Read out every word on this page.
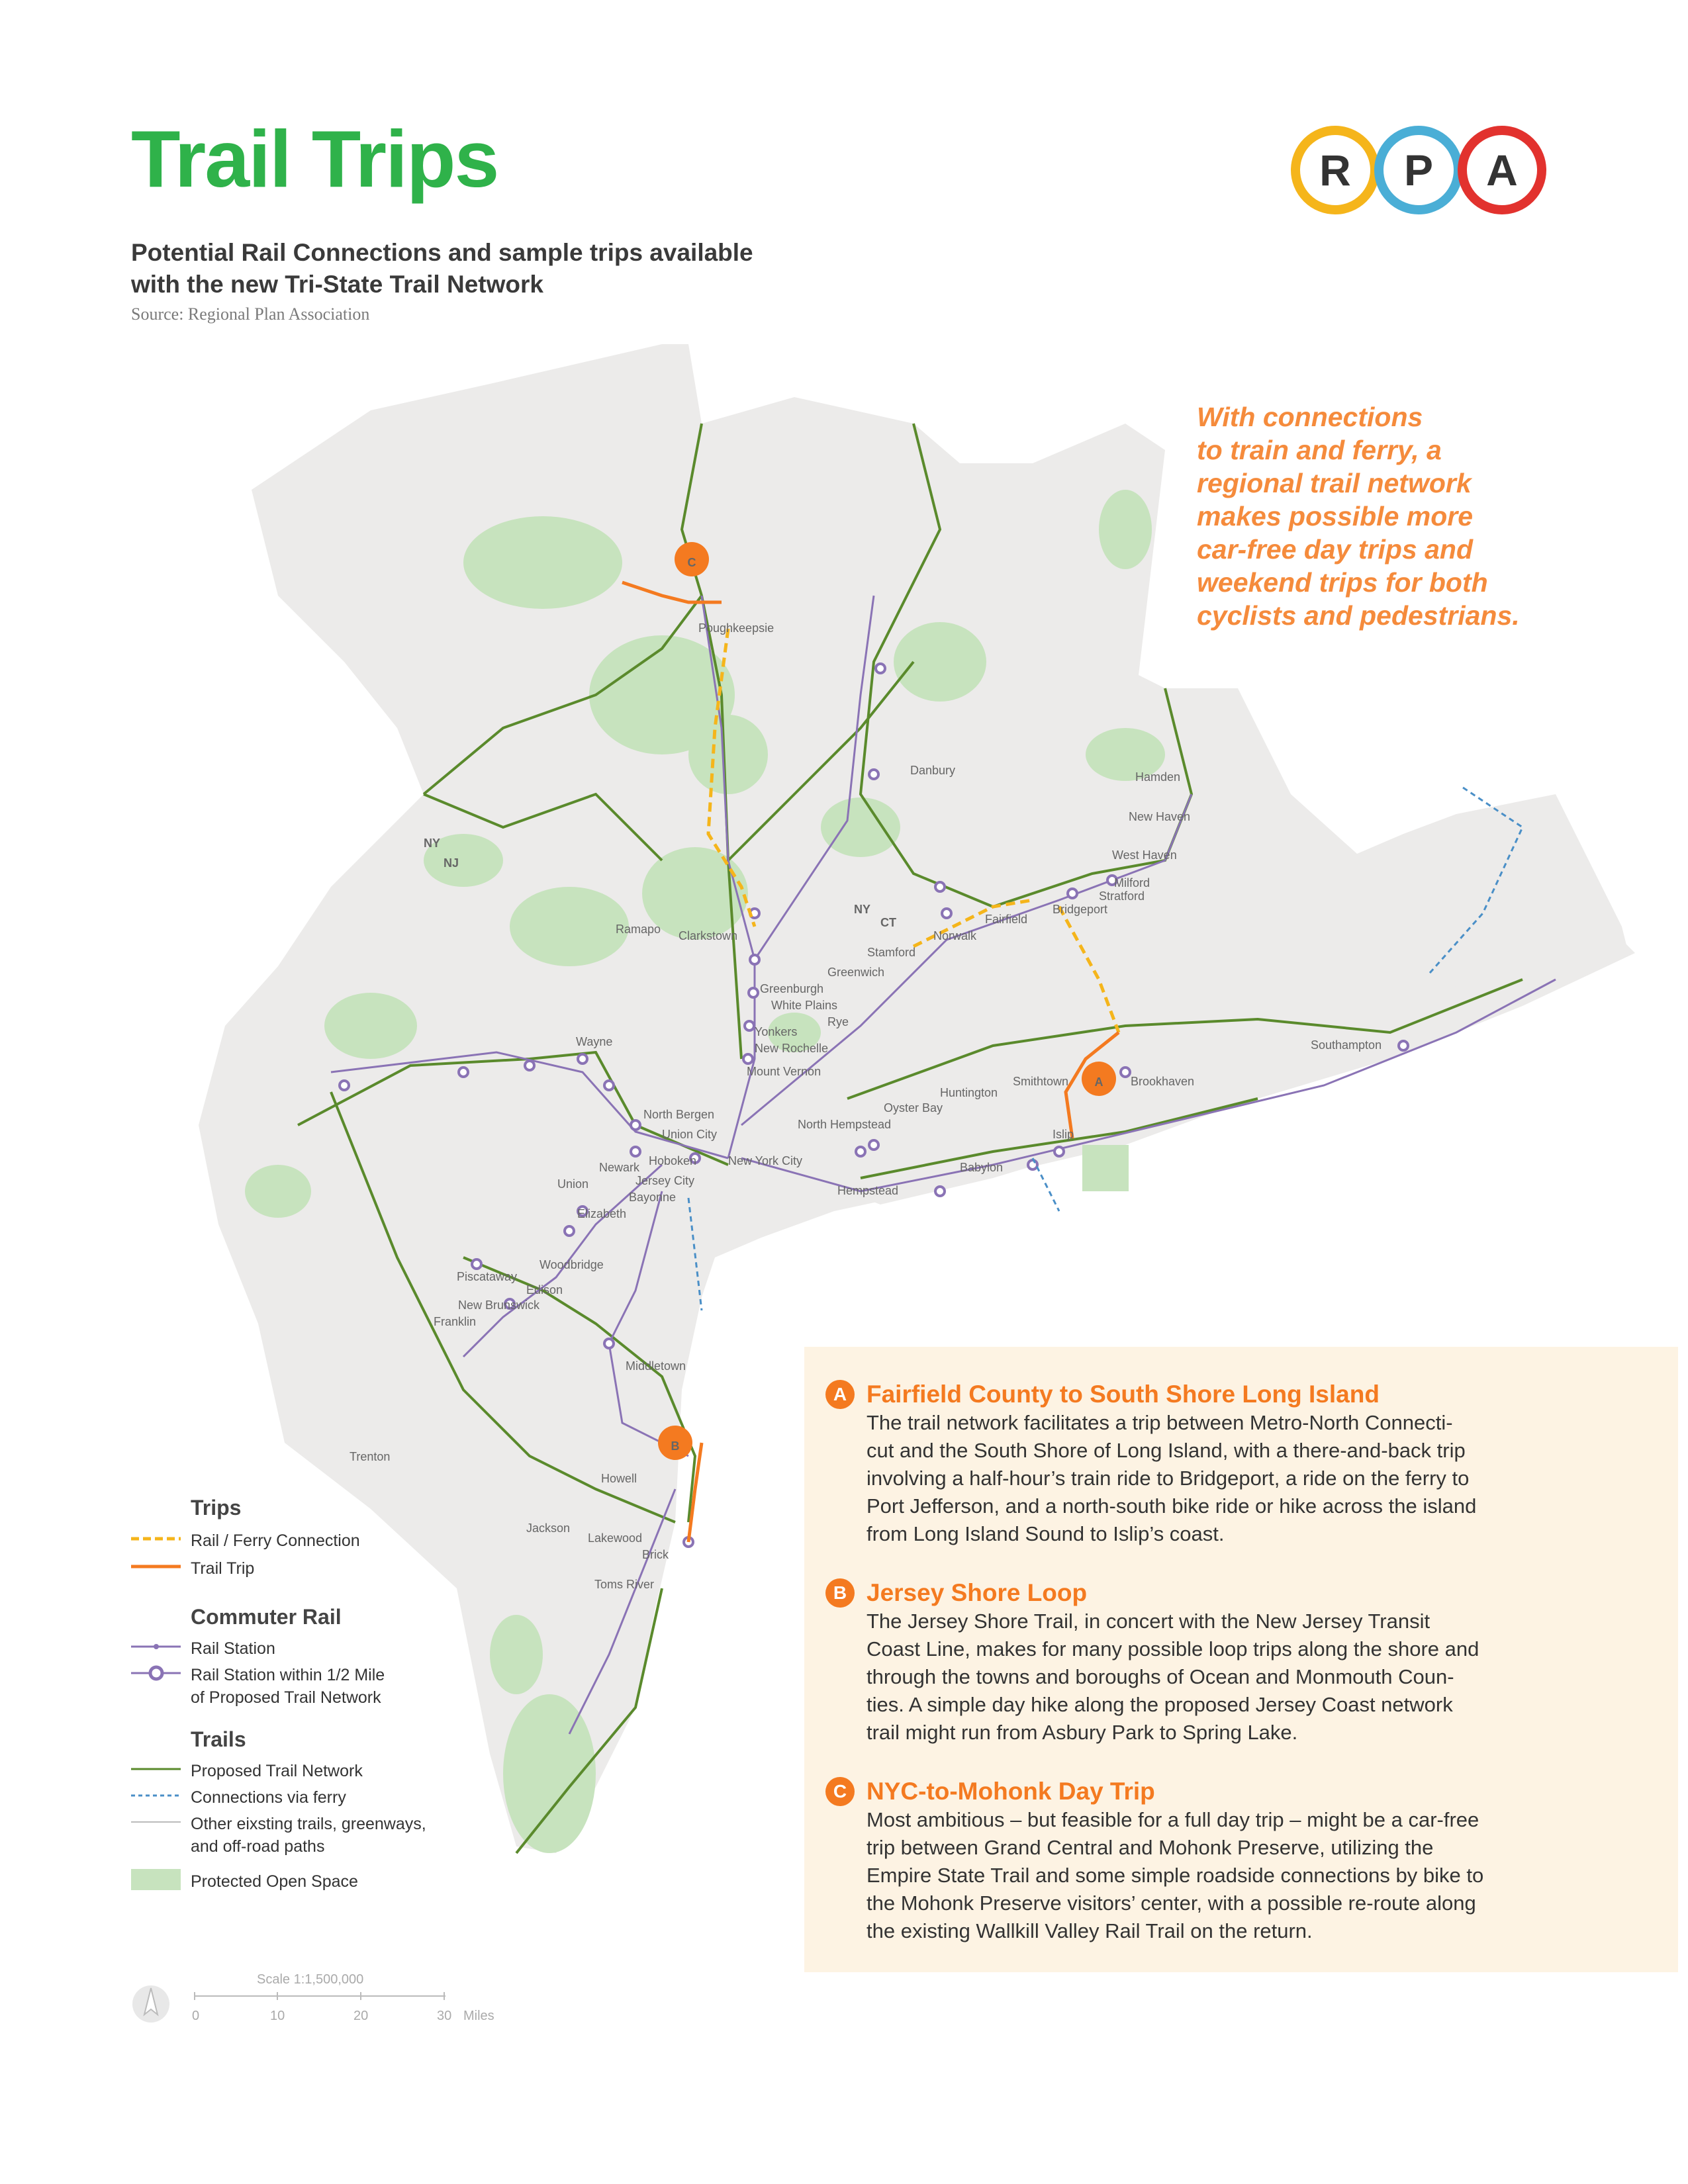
A
B
C
NY
NJ
NY
CT
Poughkeepsie
Danbury	Hamden
New Haven
West Haven
Milford
Stratford
Fairfield
Bridgeport
Norwalk
Stamford
Greenwich
Ramapo Clarkstown
Greenburgh
White Plains
Rye
Yonkers
New Rochelle
Mount Vernon
Wayne
North Bergen
Union City
Hoboken	New York City
Newark
Jersey City
Union
Bayonne
Elizabeth
Woodbridge
Piscataway
Edison
New Brunswick
Franklin
Middletown
Howell
Trenton
Jackson
Lakewood
Brick
Toms River
North Hempstead
Oyster Bay
Huntington
Smithtown	Brookhaven
Islip
Babylon
Hempstead
Southampton
Trail Trips
Potential Rail Connections and sample trips available
with the new Tri-State Trail Network
Source: Regional Plan Association
R	P	A
With connections
to train and ferry, a
regional trail network
makes possible more
car-free day trips and
weekend trips for both
cyclists and pedestrians.
A Fairfield County to South Shore Long Island
The trail network facilitates a trip between Metro-North Connecti-
cut and the South Shore of Long Island, with a there-and-back trip
involving a half-hour’s train ride to Bridgeport, a ride on the ferry to
Port Jefferson, and a north-south bike ride or hike across the island
from Long Island Sound to Islip’s coast.
B Jersey Shore Loop
The Jersey Shore Trail, in concert with the New Jersey Transit
Coast Line, makes for many possible loop trips along the shore and
through the towns and boroughs of Ocean and Monmouth Coun-
ties. A simple day hike along the proposed Jersey Coast network
trail might run from Asbury Park to Spring Lake.
C NYC-to-Mohonk Day Trip
Most ambitious – but feasible for a full day trip – might be a car-free
trip between Grand Central and Mohonk Preserve, utilizing the
Empire State Trail and some simple roadside connections by bike to
the Mohonk Preserve visitors’ center, with a possible re-route along
the existing Wallkill Valley Rail Trail on the return.
Trips
Rail / Ferry Connection
Trail Trip
Commuter Rail
Rail Station
Rail Station within 1/2 Mile
of Proposed Trail Network
Trails
Proposed Trail Network
Connections via ferry
Other eixsting trails, greenways,
and off-road paths
Protected Open Space
Scale 1:1,500,000
0	10	20	30 Miles
